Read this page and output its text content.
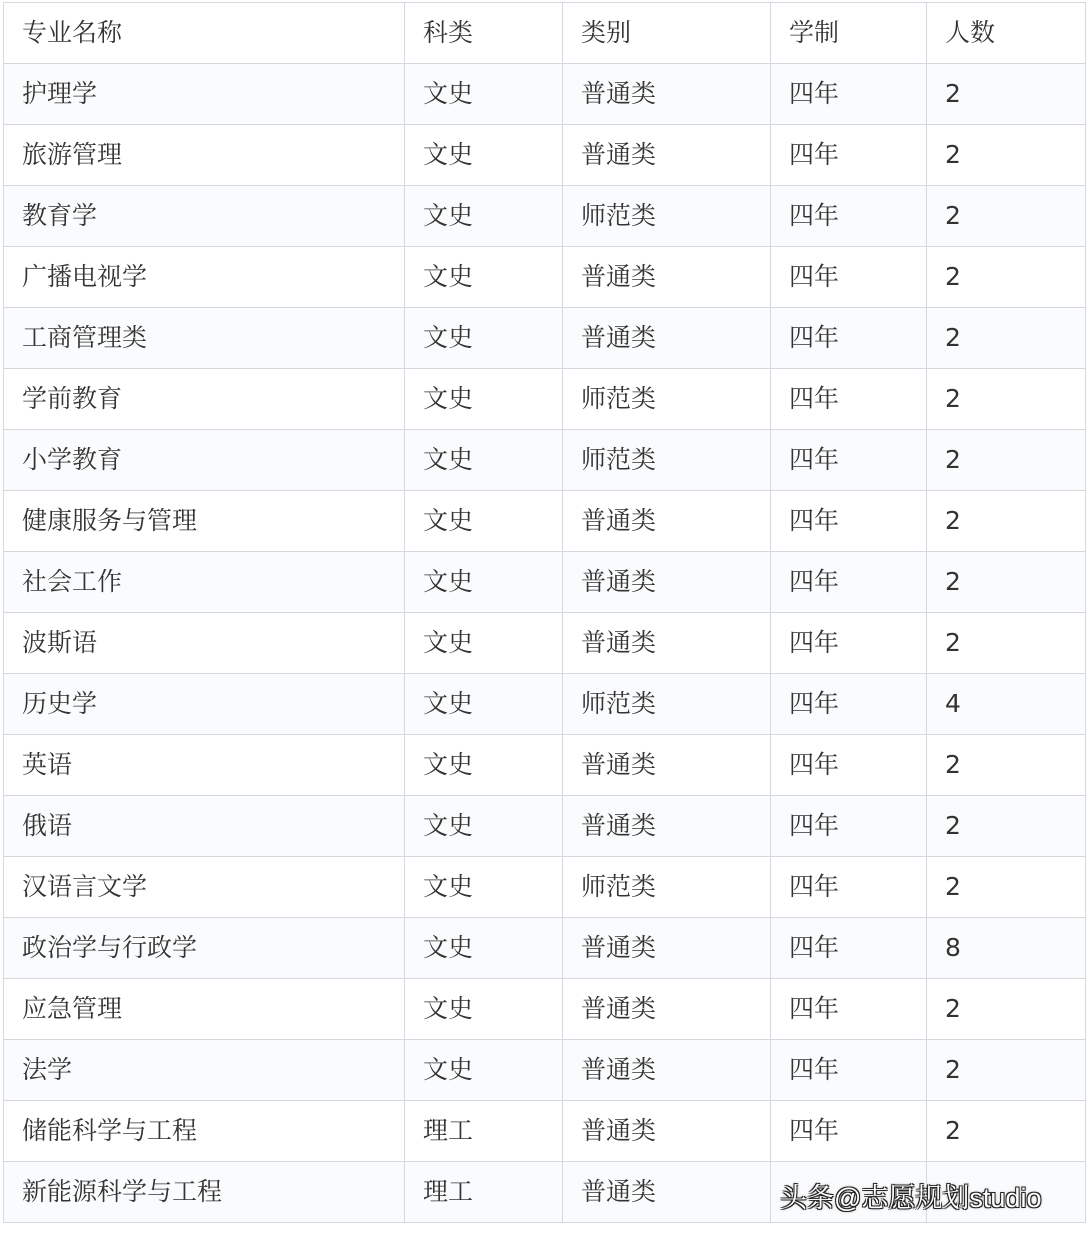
专业名称	科类	类别	学制	人数
护理学	文史	普通类	四年	2
旅游管理	文史	普通类	四年	2
教育学	文史	师范类	四年	2
广播电视学	文史	普通类	四年	2
工商管理类	文史	普通类	四年	2
学前教育	文史	师范类	四年	2
小学教育	文史	师范类	四年	2
健康服务与管理	文史	普通类	四年	2
社会工作	文史	普通类	四年	2
波斯语	文史	普通类	四年	2
历史学	文史	师范类	四年	4
英语	文史	普通类	四年	2
俄语	文史	普通类	四年	2
汉语言文学	文史	师范类	四年	2
政治学与行政学	文史	普通类	四年	8
应急管理	文史	普通类	四年	2
法学	文史	普通类	四年	2
储能科学与工程	理工	普通类	四年	2
新能源科学与工程	理工	普通类			头条@志愿规划studio
